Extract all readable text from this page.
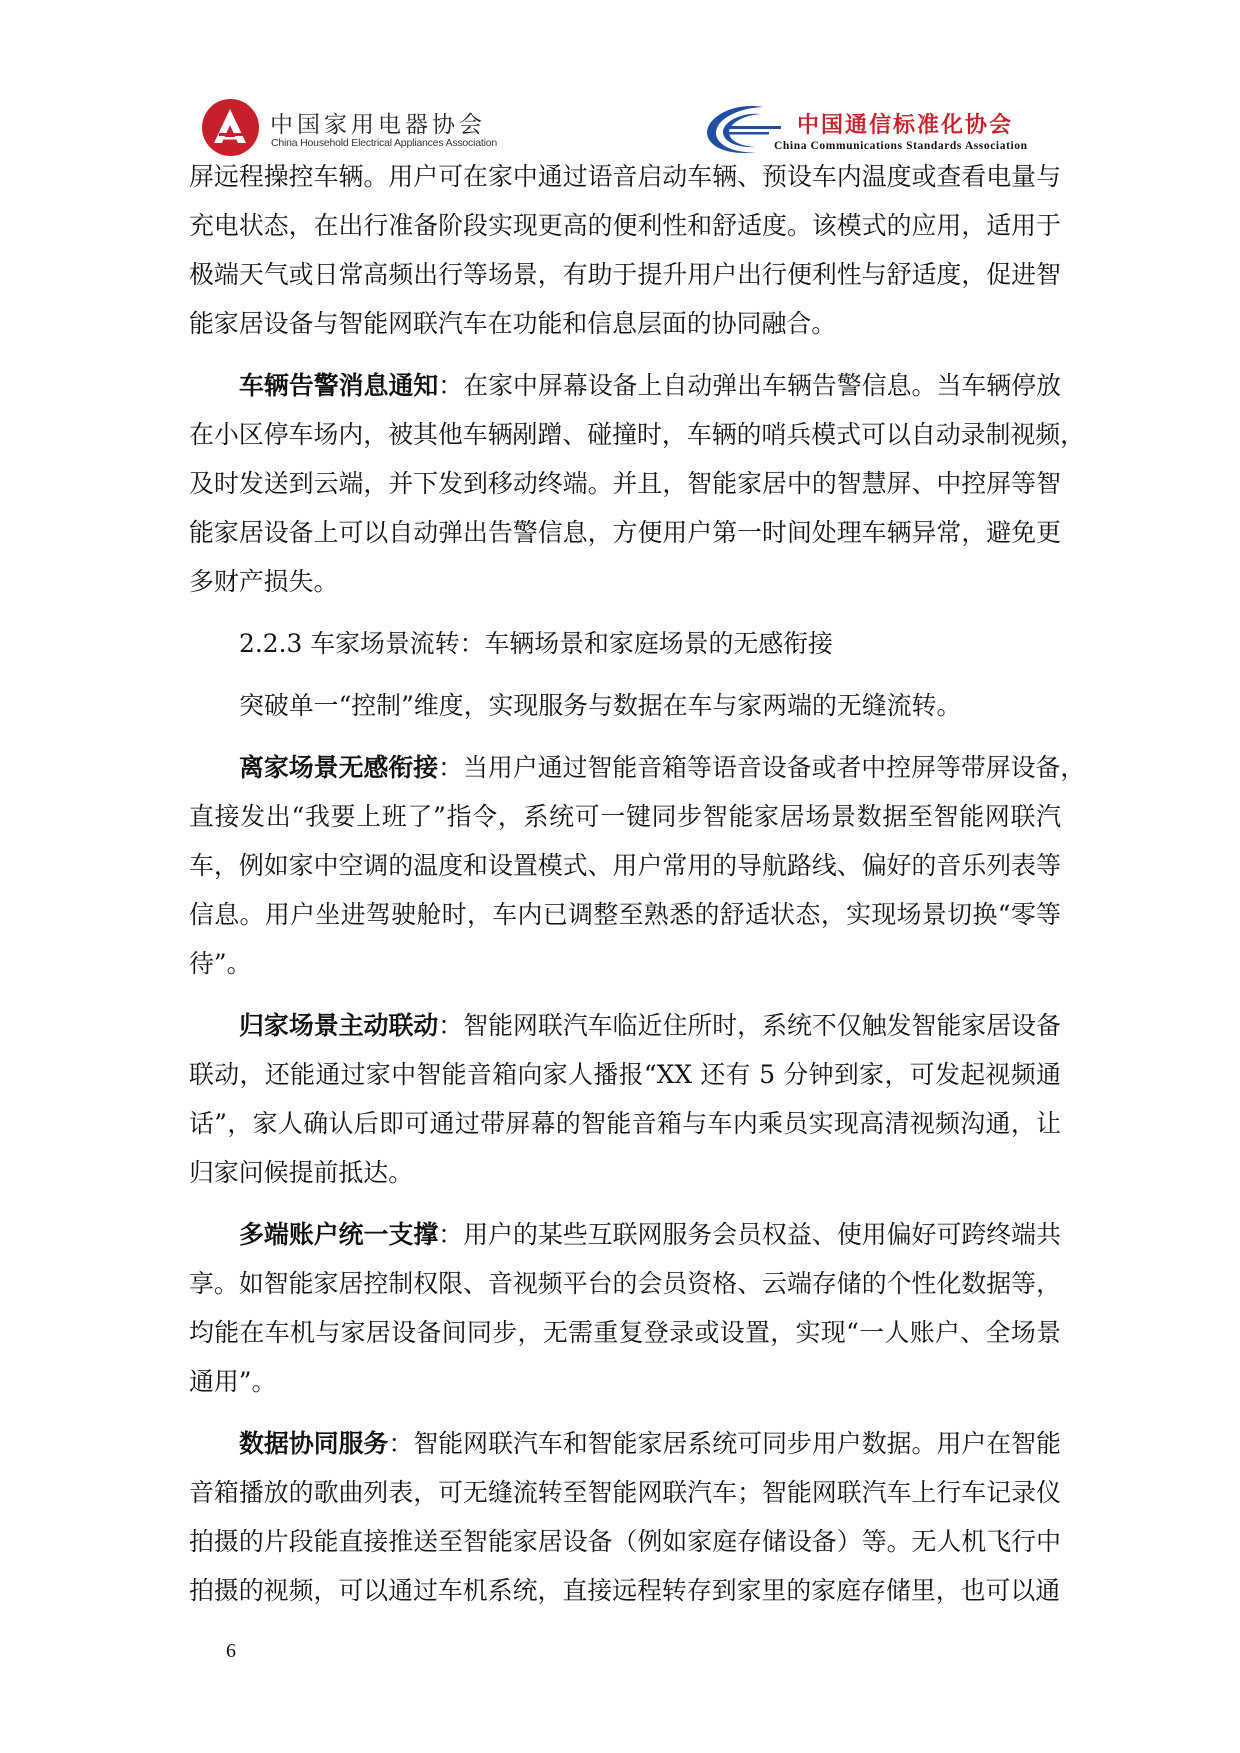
中国家用电器协会
China Household Electrical Appliances Association
中国通信标准化协会
China Communications Standards Association
屏远程操控车辆。用户可在家中通过语音启动车辆、预设车内温度或查看电量与
充电状态，在出行准备阶段实现更高的便利性和舒适度。该模式的应用，适用于
极端天气或日常高频出行等场景，有助于提升用户出行便利性与舒适度，促进智
能家居设备与智能网联汽车在功能和信息层面的协同融合。
车辆告警消息通知：在家中屏幕设备上自动弹出车辆告警信息。当车辆停放
在小区停车场内，被其他车辆剐蹭、碰撞时，车辆的哨兵模式可以自动录制视频，
及时发送到云端，并下发到移动终端。并且，智能家居中的智慧屏、中控屏等智
能家居设备上可以自动弹出告警信息，方便用户第一时间处理车辆异常，避免更
多财产损失。
2.2.3 车家场景流转：车辆场景和家庭场景的无感衔接
突破单一“控制”维度，实现服务与数据在车与家两端的无缝流转。
离家场景无感衔接：当用户通过智能音箱等语音设备或者中控屏等带屏设备，
直接发出“我要上班了”指令，系统可一键同步智能家居场景数据至智能网联汽
车，例如家中空调的温度和设置模式、用户常用的导航路线、偏好的音乐列表等
信息。用户坐进驾驶舱时，车内已调整至熟悉的舒适状态，实现场景切换“零等
待”。
归家场景主动联动：智能网联汽车临近住所时，系统不仅触发智能家居设备
联动，还能通过家中智能音箱向家人播报“XX 还有 5 分钟到家，可发起视频通
话”，家人确认后即可通过带屏幕的智能音箱与车内乘员实现高清视频沟通，让
归家问候提前抵达。
多端账户统一支撑：用户的某些互联网服务会员权益、使用偏好可跨终端共
享。如智能家居控制权限、音视频平台的会员资格、云端存储的个性化数据等，
均能在车机与家居设备间同步，无需重复登录或设置，实现“一人账户、全场景
通用”。
数据协同服务：智能网联汽车和智能家居系统可同步用户数据。用户在智能
音箱播放的歌曲列表，可无缝流转至智能网联汽车；智能网联汽车上行车记录仪
拍摄的片段能直接推送至智能家居设备（例如家庭存储设备）等。无人机飞行中
拍摄的视频，可以通过车机系统，直接远程转存到家里的家庭存储里，也可以通
6
